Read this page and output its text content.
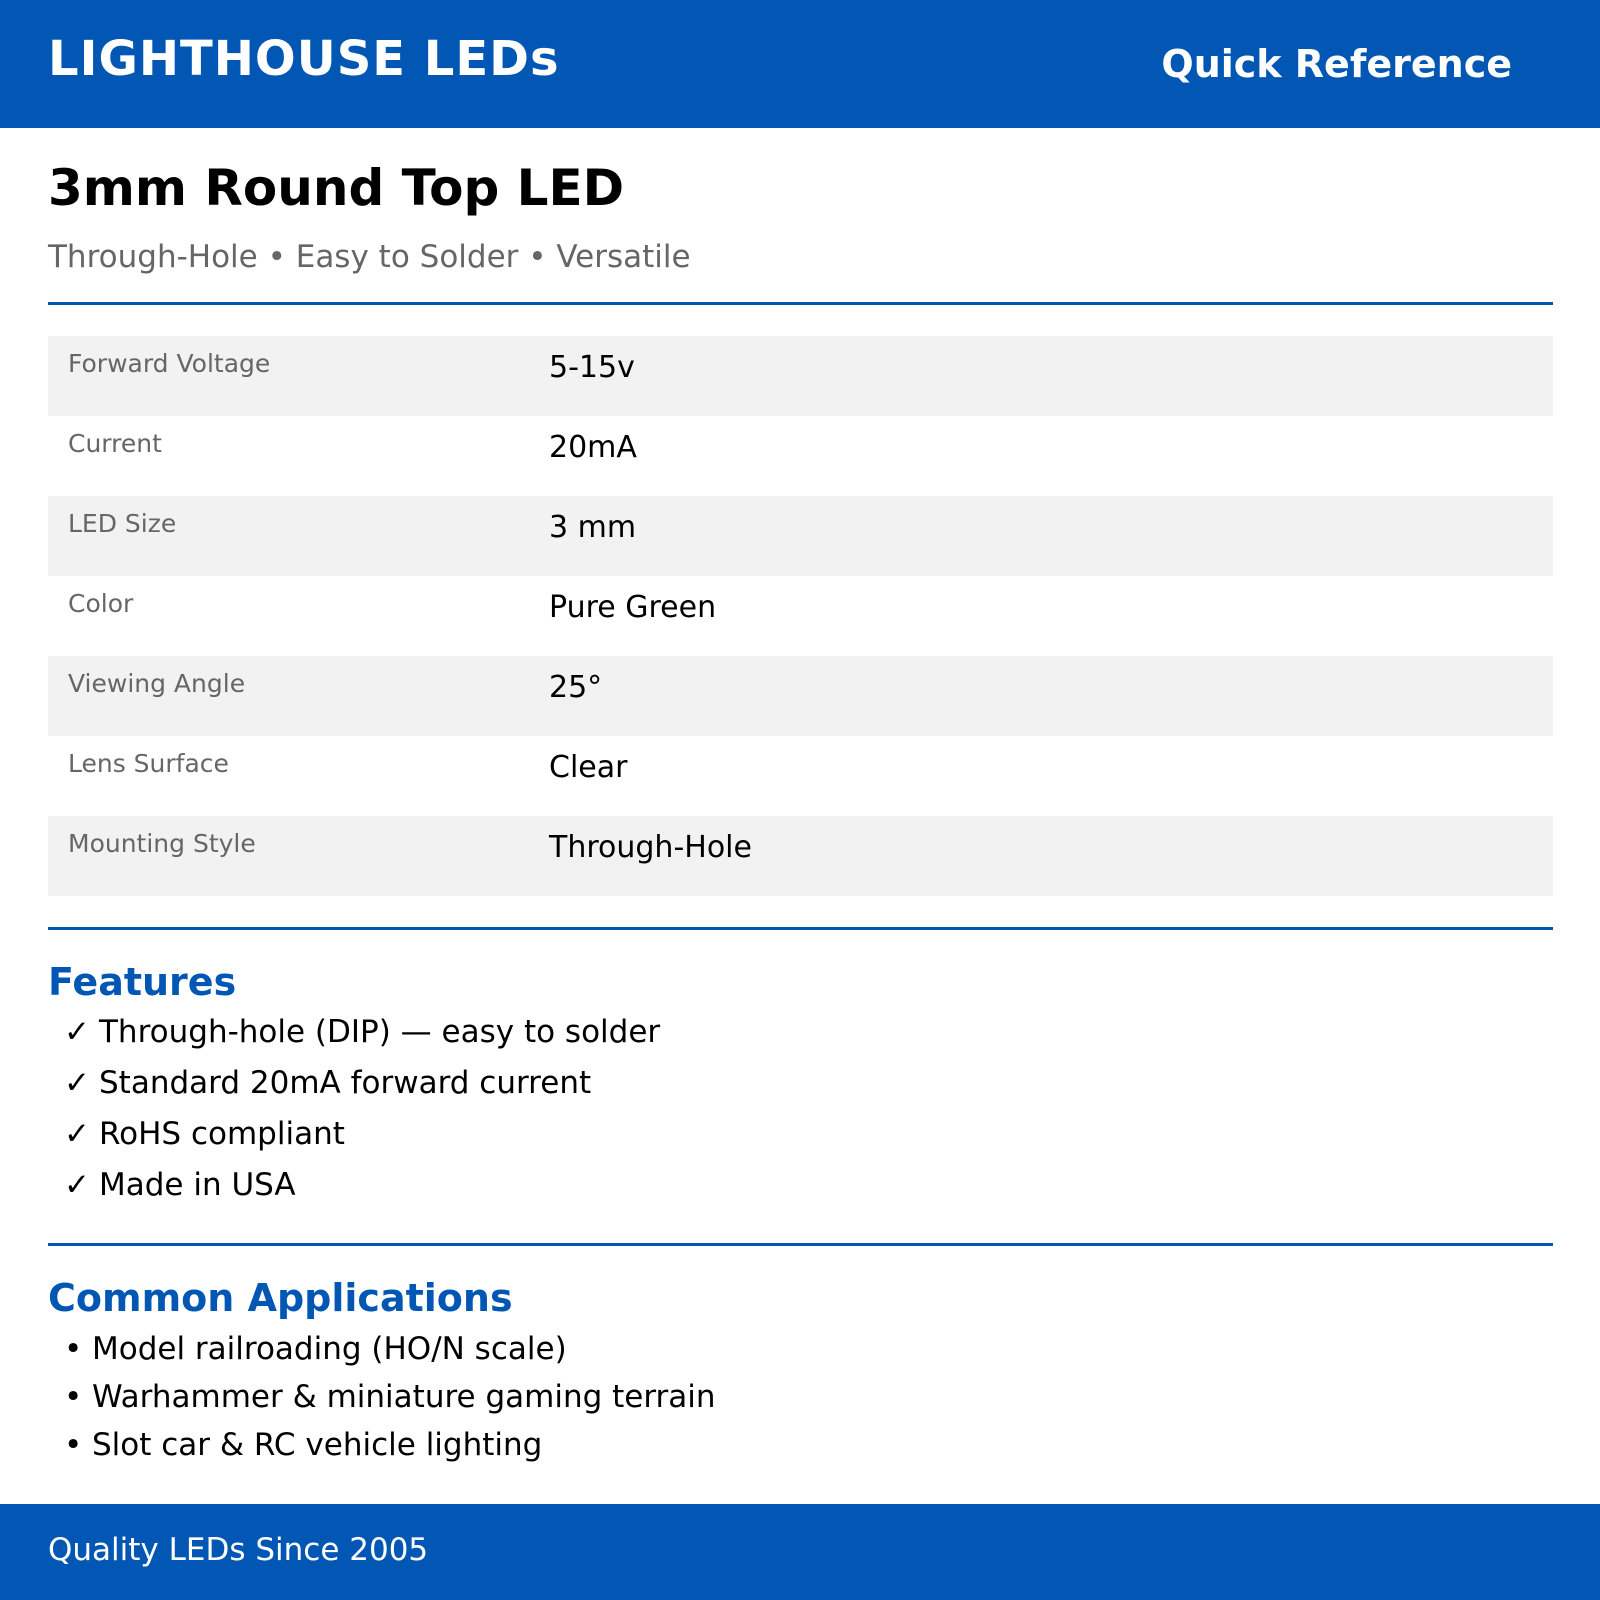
LIGHTHOUSE LEDs	Quick Reference
3mm Round Top LED
Through-Hole • Easy to Solder • Versatile
Forward Voltage	5-15v
Current	20mA
LED Size	3 mm
Color	Pure Green
Viewing Angle	25°
Lens Surface	Clear
Mounting Style	Through-Hole
Features
✓ Through-hole (DIP) — easy to solder
✓ Standard 20mA forward current
✓ RoHS compliant
✓ Made in USA
Common Applications
• Model railroading (HO/N scale)
• Warhammer & miniature gaming terrain
• Slot car & RC vehicle lighting
Quality LEDs Since 2005
